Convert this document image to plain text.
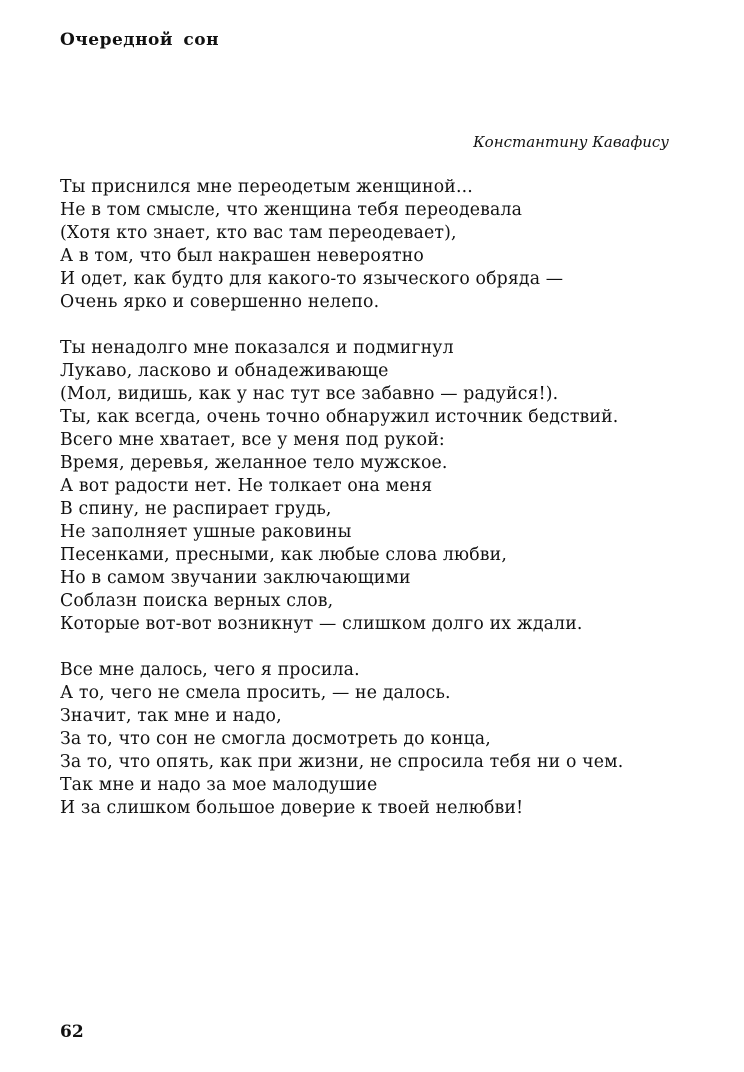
Очередной сон
Константину Кавафису
Ты приснился мне переодетым женщиной...
Не в том смысле, что женщина тебя переодевала
(Хотя кто знает, кто вас там переодевает),
А в том, что был накрашен невероятно
И одет, как будто для какого-то языческого обряда —
Очень ярко и совершенно нелепо.
Ты ненадолго мне показался и подмигнул
Лукаво, ласково и обнадеживающе
(Мол, видишь, как у нас тут все забавно — радуйся!).
Ты, как всегда, очень точно обнаружил источник бедствий.
Всего мне хватает, все у меня под рукой:
Время, деревья, желанное тело мужское.
А вот радости нет. Не толкает она меня
В спину, не распирает грудь,
Не заполняет ушные раковины
Песенками, пресными, как любые слова любви,
Но в самом звучании заключающими
Соблазн поиска верных слов,
Которые вот-вот возникнут — слишком долго их ждали.
Все мне далось, чего я просила.
А то, чего не смела просить, — не далось.
Значит, так мне и надо,
За то, что сон не смогла досмотреть до конца,
За то, что опять, как при жизни, не спросила тебя ни о чем.
Так мне и надо за мое малодушие
И за слишком большое доверие к твоей нелюбви!
62
